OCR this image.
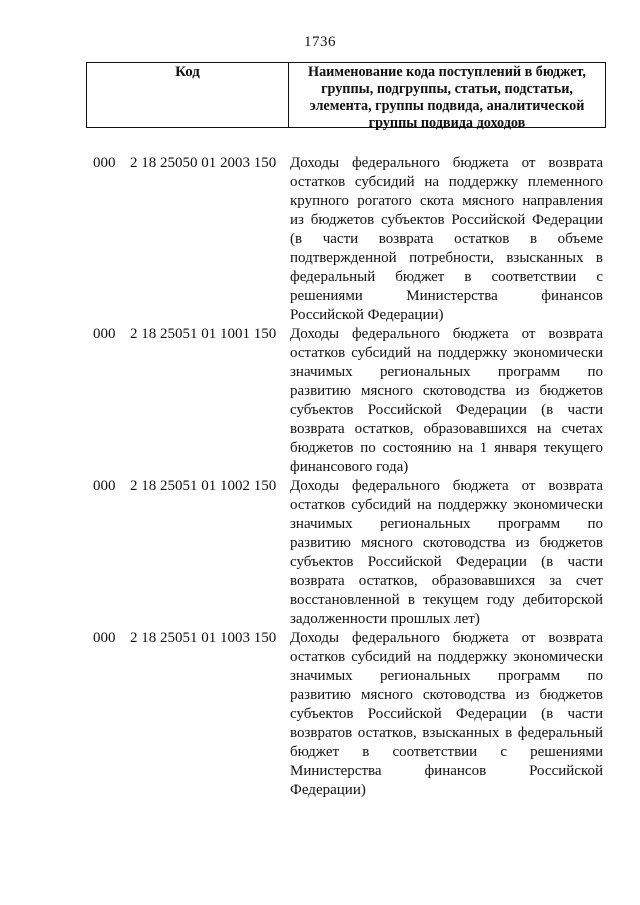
1736
Код	Наименование кода поступлений в бюджет, группы, подгруппы, статьи, подстатьи, элемента, группы подвида, аналитической группы подвида доходов
000 2 18 25050 01 2003 150 Доходы федерального бюджета от возврата
остатков субсидий на поддержку племенного
крупного рогатого скота мясного направления
из бюджетов субъектов Российской Федерации
(в части возврата остатков в объеме
подтвержденной потребности, взысканных в
федеральный бюджет в соответствии с
решениями Министерства финансов
Российской Федерации)
000 2 18 25051 01 1001 150 Доходы федерального бюджета от возврата
остатков субсидий на поддержку экономически
значимых региональных программ по
развитию мясного скотоводства из бюджетов
субъектов Российской Федерации (в части
возврата остатков, образовавшихся на счетах
бюджетов по состоянию на 1 января текущего
финансового года)
000 2 18 25051 01 1002 150 Доходы федерального бюджета от возврата
остатков субсидий на поддержку экономически
значимых региональных программ по
развитию мясного скотоводства из бюджетов
субъектов Российской Федерации (в части
возврата остатков, образовавшихся за счет
восстановленной в текущем году дебиторской
задолженности прошлых лет)
000 2 18 25051 01 1003 150 Доходы федерального бюджета от возврата
остатков субсидий на поддержку экономически
значимых региональных программ по
развитию мясного скотоводства из бюджетов
субъектов Российской Федерации (в части
возвратов остатков, взысканных в федеральный
бюджет в соответствии с решениями
Министерства финансов Российской
Федерации)
